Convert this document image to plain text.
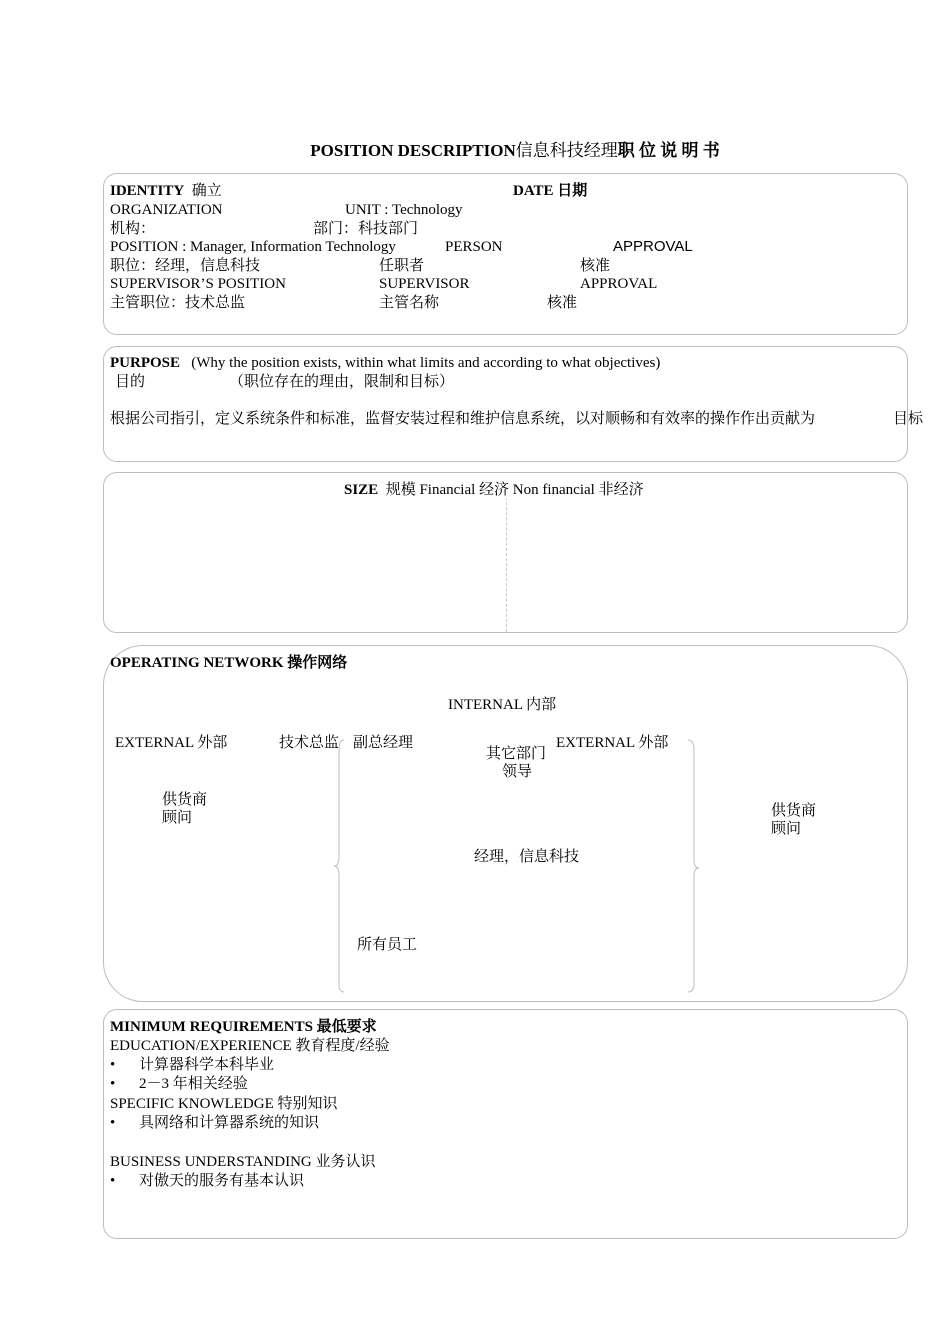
POSITION DESCRIPTION信息科技经理职 位 说 明 书
IDENTITY 确立	DATE 日期
ORGANIZATION	UNIT : Technology
机构：	部门：科技部门
POSITION : Manager, Information Technology	PERSON	APPROVAL
职位：经理，信息科技	任职者	核准
SUPERVISOR’S POSITION	SUPERVISOR	APPROVAL
主管职位：技术总监	主管名称	核准
PURPOSE (Why the position exists, within what limits and according to what objectives)
目的	（职位存在的理由，限制和目标）
根据公司指引，定义系统条件和标准，监督安装过程和维护信息系统，以对顺畅和有效率的操作作出贡献为	目标
SIZE 规模 Financial 经济 Non financial 非经济
OPERATING NETWORK 操作网络
INTERNAL 内部
EXTERNAL 外部	技术总监 副总经理	EXTERNAL 外部
其它部门
领导
供货商
顾问	供货商
顾问
经理，信息科技
所有员工
MINIMUM REQUIREMENTS 最低要求
EDUCATION/EXPERIENCE 教育程度/经验
• 计算器科学本科毕业
• 2－3 年相关经验
SPECIFIC KNOWLEDGE 特别知识
• 具网络和计算器系统的知识
BUSINESS UNDERSTANDING 业务认识
• 对傲天的服务有基本认识
